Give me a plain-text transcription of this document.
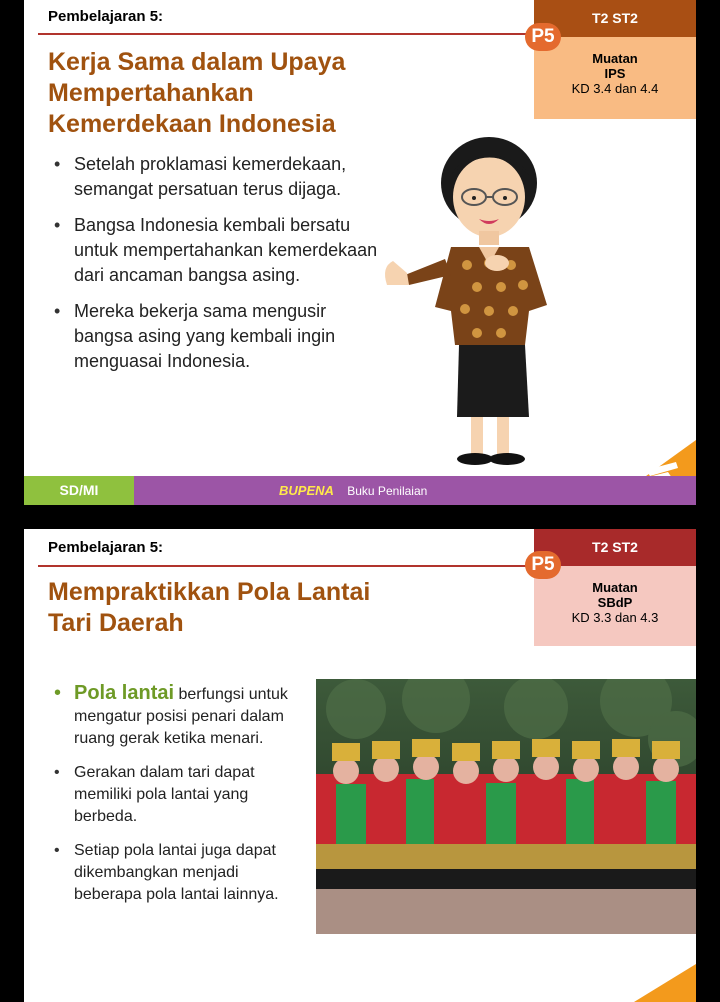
Pembelajaran 5:	T2 ST2
Muatan
IPS
KD 3.4 dan 4.4
P5
Kerja Sama dalam Upaya
Mempertahankan
Kemerdekaan Indonesia
• Setelah proklamasi kemerdekaan, semangat persatuan terus dijaga.
• Bangsa Indonesia kembali bersatu untuk mempertahankan kemerdekaan dari ancaman bangsa asing.
• Mereka bekerja sama mengusir bangsa asing yang kembali ingin menguasai Indonesia.
SD/MI	BUPENA Buku Penilaian
Pembelajaran 5:	T2 ST2
Muatan
SBdP
KD 3.3 dan 4.3
P5
Mempraktikkan Pola Lantai
Tari Daerah
• Pola lantai berfungsi untuk mengatur posisi penari dalam ruang gerak ketika menari.
• Gerakan dalam tari dapat memiliki pola lantai yang berbeda.
• Setiap pola lantai juga dapat dikembangkan menjadi beberapa pola lantai lainnya.
